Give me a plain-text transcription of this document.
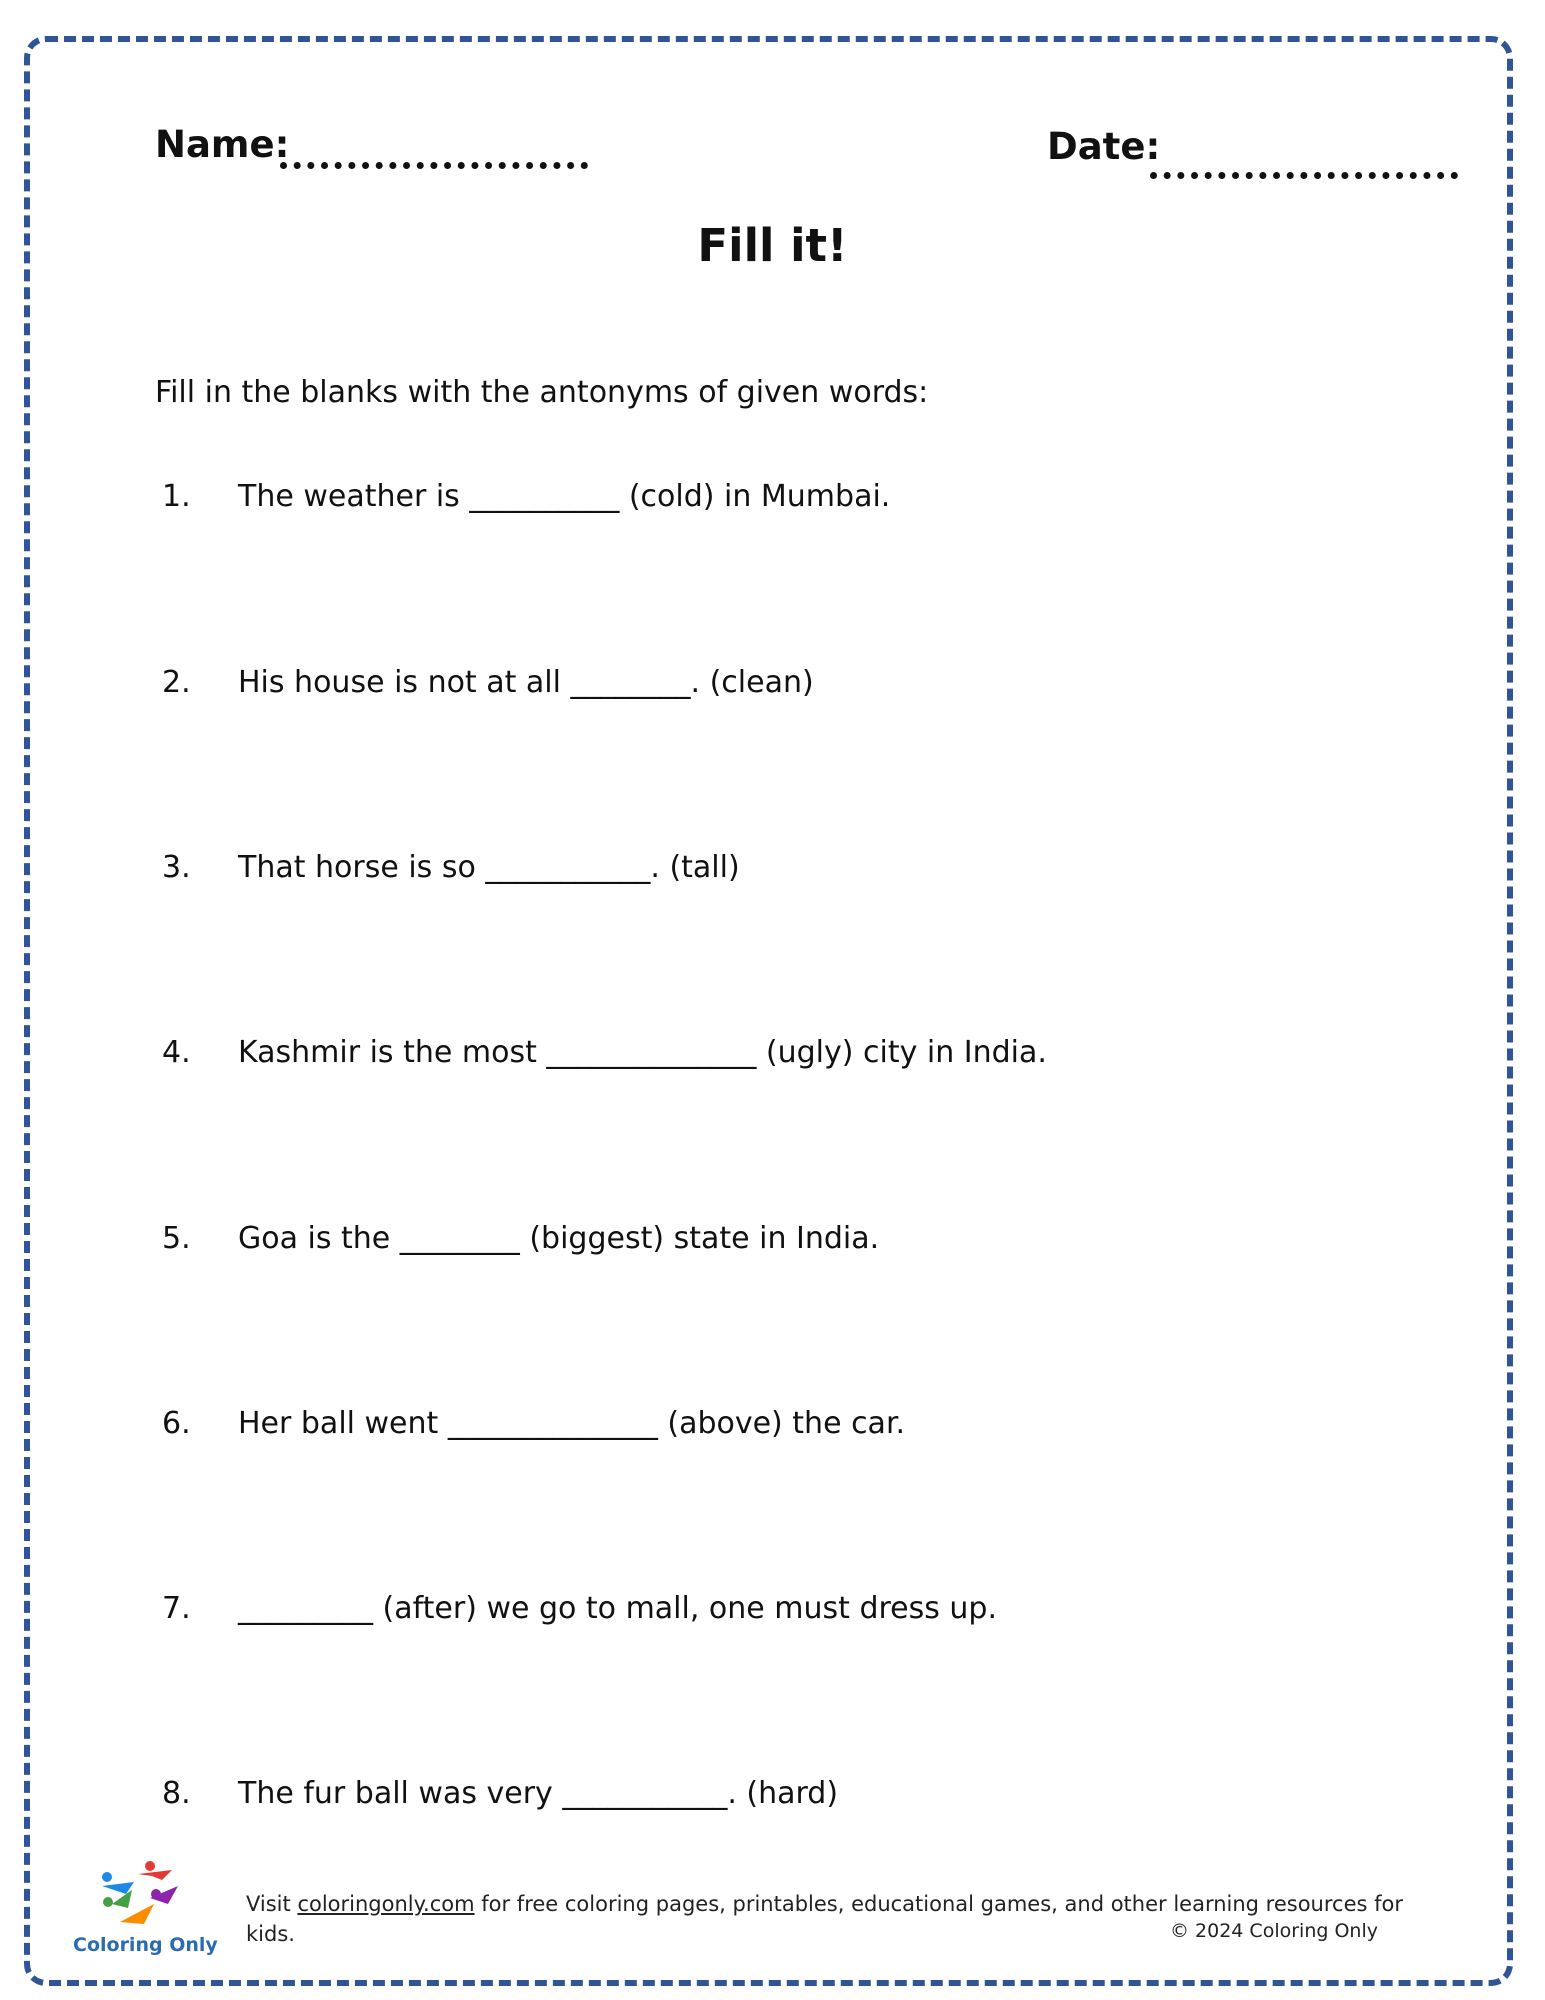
Name:	Date:
Fill it!
Fill in the blanks with the antonyms of given words:
1. The weather is __________ (cold) in Mumbai.
2. His house is not at all ________. (clean)
3. That horse is so ___________. (tall)
4. Kashmir is the most ______________ (ugly) city in India.
5. Goa is the ________ (biggest) state in India.
6. Her ball went ______________ (above) the car.
7. _________ (after) we go to mall, one must dress up.
8. The fur ball was very ___________. (hard)
Coloring Only
Visit coloringonly.com for free coloring pages, printables, educational games, and other learning resources for kids.	© 2024 Coloring Only
